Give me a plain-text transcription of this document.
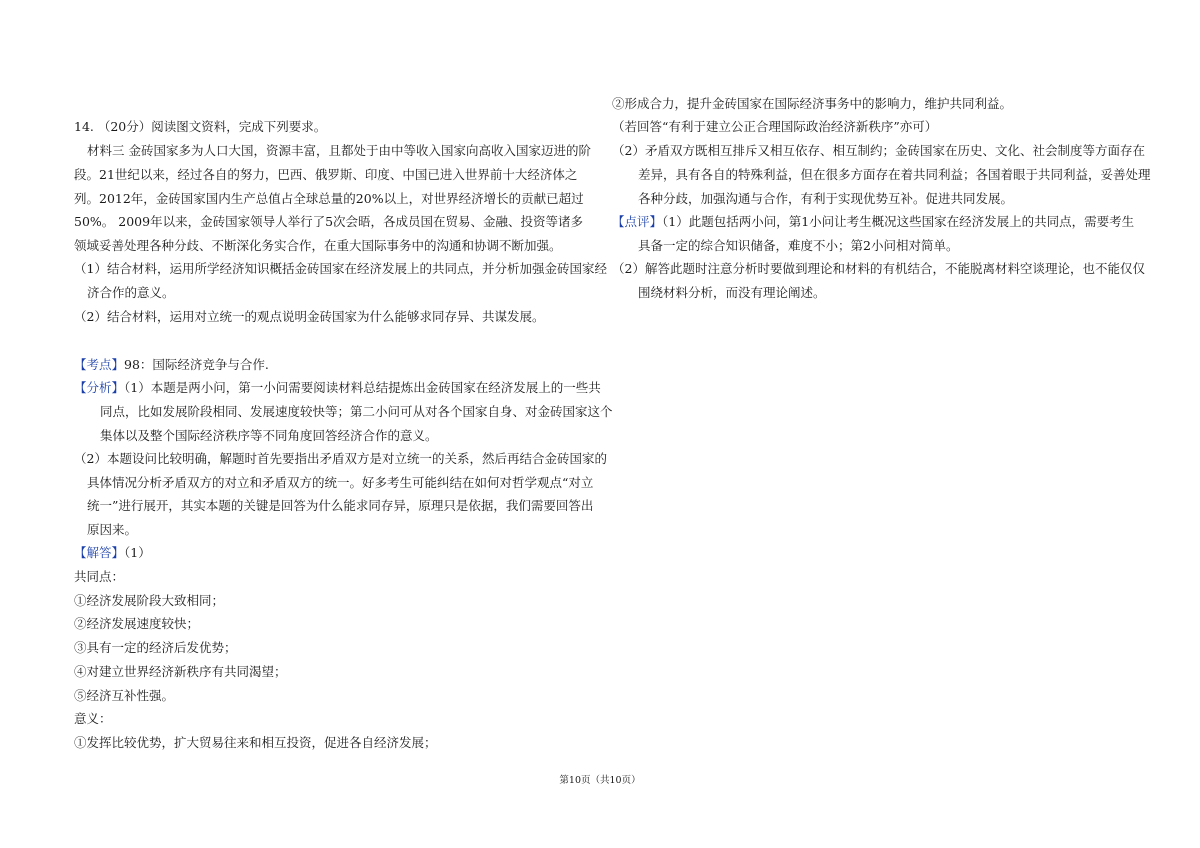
14. （20分）阅读图文资料，完成下列要求。
材料三 金砖国家多为人口大国，资源丰富，且都处于由中等收入国家向高收入国家迈进的阶
段。21世纪以来，经过各自的努力，巴西、俄罗斯、印度、中国已进入世界前十大经济体之
列。2012年，金砖国家国内生产总值占全球总量的20%以上，对世界经济增长的贡献已超过
50%。 2009年以来，金砖国家领导人举行了5次会晤，各成员国在贸易、金融、投资等诸多
领域妥善处理各种分歧、不断深化务实合作，在重大国际事务中的沟通和协调不断加强。
（1）结合材料，运用所学经济知识概括金砖国家在经济发展上的共同点，并分析加强金砖国家经
济合作的意义。
（2）结合材料，运用对立统一的观点说明金砖国家为什么能够求同存异、共谋发展。
【考点】98：国际经济竞争与合作.
【分析】（1）本题是两小问，第一小问需要阅读材料总结提炼出金砖国家在经济发展上的一些共
同点，比如发展阶段相同、发展速度较快等；第二小问可从对各个国家自身、对金砖国家这个
集体以及整个国际经济秩序等不同角度回答经济合作的意义。
（2）本题设问比较明确，解题时首先要指出矛盾双方是对立统一的关系，然后再结合金砖国家的
具体情况分析矛盾双方的对立和矛盾双方的统一。好多考生可能纠结在如何对哲学观点“对立
统一”进行展开，其实本题的关键是回答为什么能求同存异，原理只是依据，我们需要回答出
原因来。
【解答】（1）
共同点：
①经济发展阶段大致相同；
②经济发展速度较快；
③具有一定的经济后发优势；
④对建立世界经济新秩序有共同渴望；
⑤经济互补性强。
意义：
①发挥比较优势，扩大贸易往来和相互投资，促进各自经济发展；
②形成合力，提升金砖国家在国际经济事务中的影响力，维护共同利益。
（若回答“有利于建立公正合理国际政治经济新秩序”亦可）
（2）矛盾双方既相互排斥又相互依存、相互制约；金砖国家在历史、文化、社会制度等方面存在
差异，具有各自的特殊利益，但在很多方面存在着共同利益；各国着眼于共同利益，妥善处理
各种分歧，加强沟通与合作，有利于实现优势互补。促进共同发展。
【点评】（1）此题包括两小问，第1小问让考生概况这些国家在经济发展上的共同点，需要考生
具备一定的综合知识储备，难度不小；第2小问相对简单。
（2）解答此题时注意分析时要做到理论和材料的有机结合，不能脱离材料空谈理论，也不能仅仅
围绕材料分析，而没有理论阐述。
第10页（共10页）
